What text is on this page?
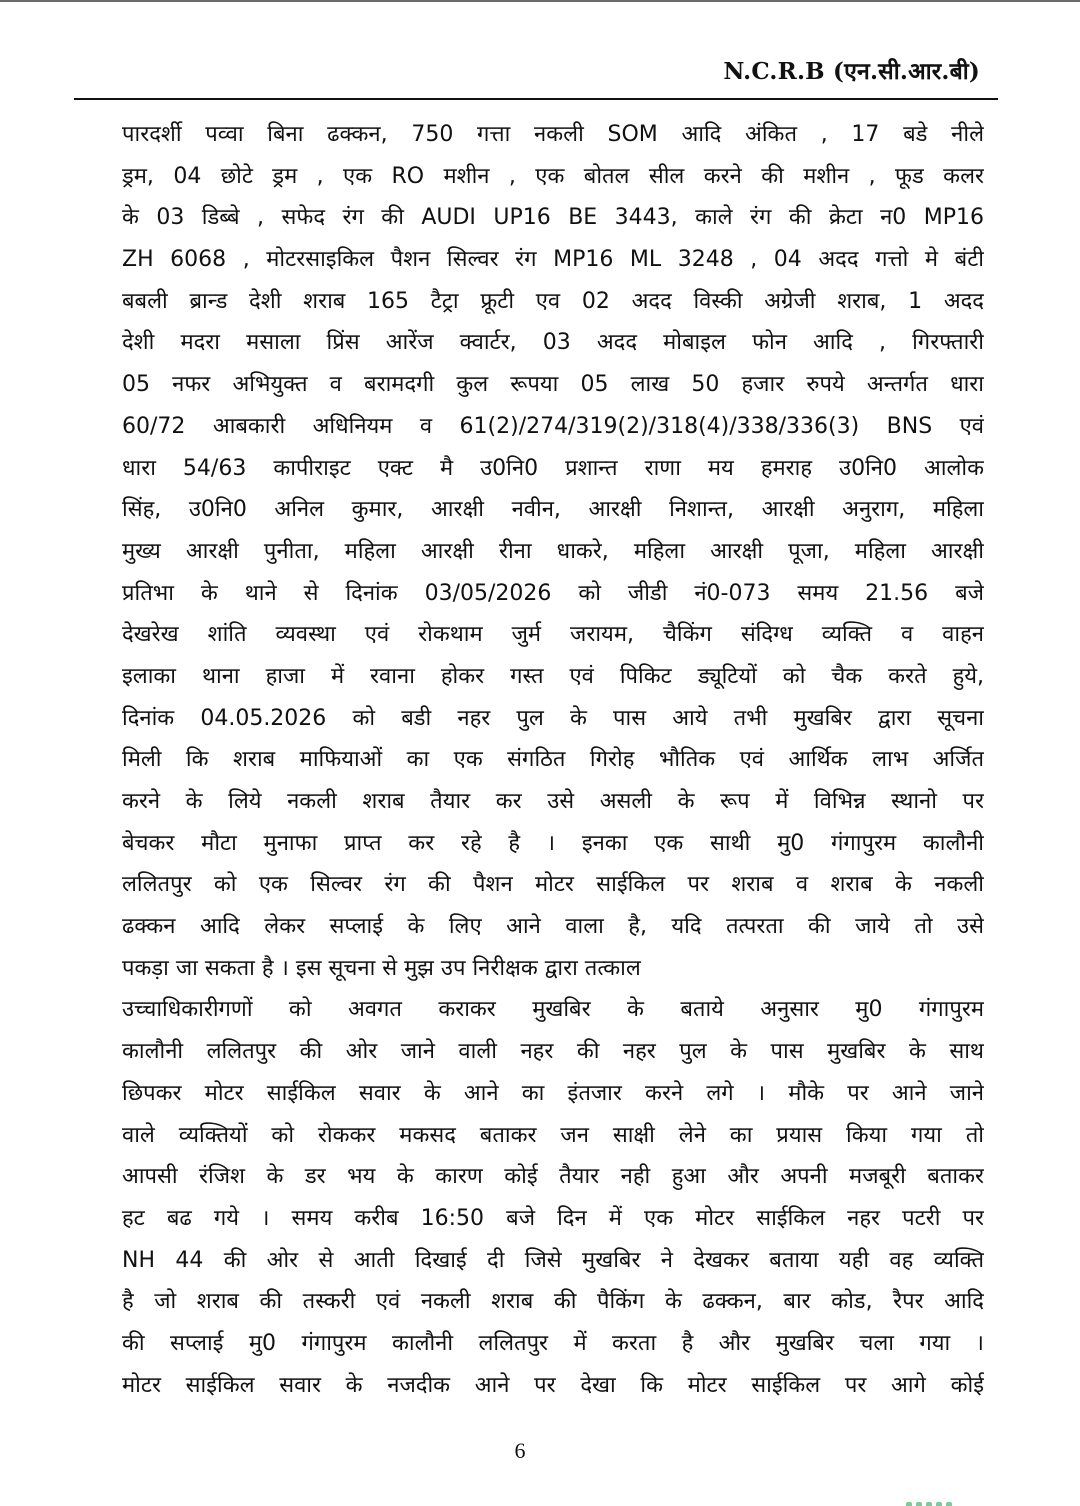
N.C.R.B (एन.सी.आर.बी)
पारदर्शी पव्वा बिना ढक्कन, 750 गत्ता नकली SOM आदि अंकित , 17 बडे नीले
ड्रम, 04 छोटे ड्रम , एक RO मशीन , एक बोतल सील करने की मशीन , फूड कलर
के 03 डिब्बे , सफेद रंग की AUDI UP16 BE 3443, काले रंग की क्रेटा न0 MP16
ZH 6068 , मोटरसाइकिल पैशन सिल्वर रंग MP16 ML 3248 , 04 अदद गत्तो मे बंटी
बबली ब्रान्ड देशी शराब 165 टैट्रा फ्रूटी एव 02 अदद विस्की अग्रेजी शराब, 1 अदद
देशी मदरा मसाला प्रिंस आरेंज क्वार्टर, 03 अदद मोबाइल फोन आदि , गिरफ्तारी
05 नफर अभियुक्त व बरामदगी कुल रूपया 05 लाख 50 हजार रुपये अन्तर्गत धारा
60/72 आबकारी अधिनियम व 61(2)/274/319(2)/318(4)/338/336(3) BNS एवं
धारा 54/63 कापीराइट एक्ट मै उ0नि0 प्रशान्त राणा मय हमराह उ0नि0 आलोक
सिंह, उ0नि0 अनिल कुमार, आरक्षी नवीन, आरक्षी निशान्त, आरक्षी अनुराग, महिला
मुख्य आरक्षी पुनीता, महिला आरक्षी रीना धाकरे, महिला आरक्षी पूजा, महिला आरक्षी
प्रतिभा के थाने से दिनांक 03/05/2026 को जीडी नं0-073 समय 21.56 बजे
देखरेख शांति व्यवस्था एवं रोकथाम जुर्म जरायम, चैकिंग संदिग्ध व्यक्ति व वाहन
इलाका थाना हाजा में रवाना होकर गस्त एवं पिकिट ड्यूटियों को चैक करते हुये,
दिनांक 04.05.2026 को बडी नहर पुल के पास आये तभी मुखबिर द्वारा सूचना
मिली कि शराब माफियाओं का एक संगठित गिरोह भौतिक एवं आर्थिक लाभ अर्जित
करने के लिये नकली शराब तैयार कर उसे असली के रूप में विभिन्न स्थानो पर
बेचकर मौटा मुनाफा प्राप्त कर रहे है । इनका एक साथी मु0 गंगापुरम कालौनी
ललितपुर को एक सिल्वर रंग की पैशन मोटर साईकिल पर शराब व शराब के नकली
ढक्कन आदि लेकर सप्लाई के लिए आने वाला है, यदि तत्परता की जाये तो उसे
पकड़ा जा सकता है । इस सूचना से मुझ उप निरीक्षक द्वारा तत्काल
उच्चाधिकारीगणों को अवगत कराकर मुखबिर के बताये अनुसार मु0 गंगापुरम
कालौनी ललितपुर की ओर जाने वाली नहर की नहर पुल के पास मुखबिर के साथ
छिपकर मोटर साईकिल सवार के आने का इंतजार करने लगे । मौके पर आने जाने
वाले व्यक्तियों को रोककर मकसद बताकर जन साक्षी लेने का प्रयास किया गया तो
आपसी रंजिश के डर भय के कारण कोई तैयार नही हुआ और अपनी मजबूरी बताकर
हट बढ गये । समय करीब 16:50 बजे दिन में एक मोटर साईकिल नहर पटरी पर
NH 44 की ओर से आती दिखाई दी जिसे मुखबिर ने देखकर बताया यही वह व्यक्ति
है जो शराब की तस्करी एवं नकली शराब की पैकिंग के ढक्कन, बार कोड, रैपर आदि
की सप्लाई मु0 गंगापुरम कालौनी ललितपुर में करता है और मुखबिर चला गया ।
मोटर साईकिल सवार के नजदीक आने पर देखा कि मोटर साईकिल पर आगे कोई
6
